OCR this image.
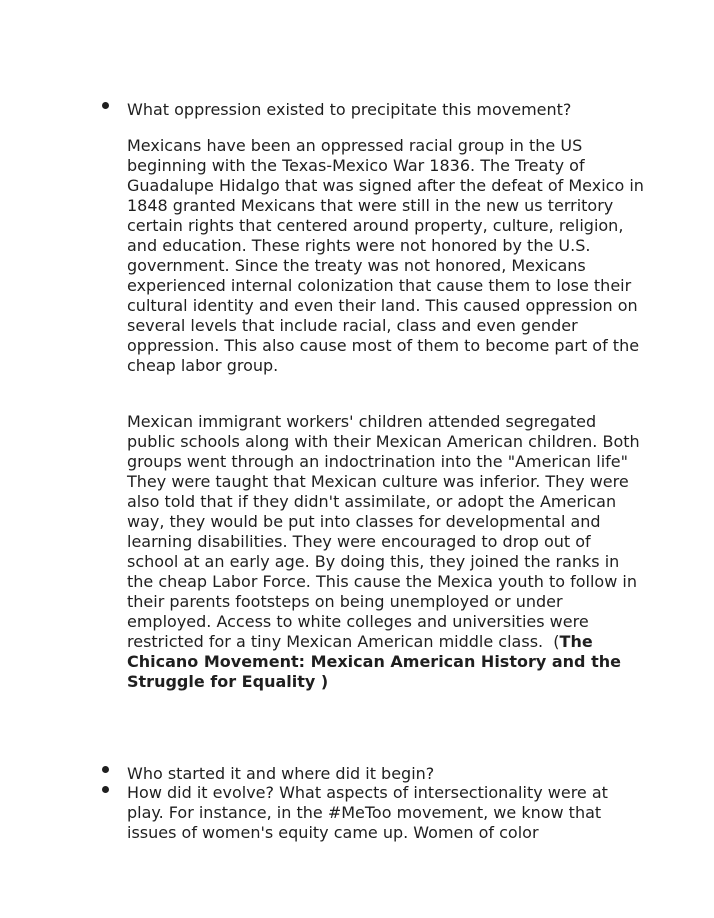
What oppression existed to precipitate this movement?

Mexicans have been an oppressed racial group in the US beginning with the Texas-Mexico War 1836. The Treaty of Guadalupe Hidalgo that was signed after the defeat of Mexico in 1848 granted Mexicans that were still in the new us territory certain rights that centered around property, culture, religion, and education. These rights were not honored by the U.S. government. Since the treaty was not honored, Mexicans experienced internal colonization that cause them to lose their cultural identity and even their land. This caused oppression on several levels that include racial, class and even gender oppression. This also cause most of them to become part of the cheap labor group.

Mexican immigrant workers' children attended segregated public schools along with their Mexican American children. Both groups went through an indoctrination into the "American life" They were taught that Mexican culture was inferior. They were also told that if they didn't assimilate, or adopt the American way, they would be put into classes for developmental and learning disabilities. They were encouraged to drop out of school at an early age. By doing this, they joined the ranks in the cheap Labor Force. This cause the Mexica youth to follow in their parents footsteps on being unemployed or under employed. Access to white colleges and universities were restricted for a tiny Mexican American middle class.  (The Chicano Movement: Mexican American History and the Struggle for Equality )

Who started it and where did it begin?

How did it evolve? What aspects of intersectionality were at play. For instance, in the #MeToo movement, we know that issues of women's equity came up. Women of color
